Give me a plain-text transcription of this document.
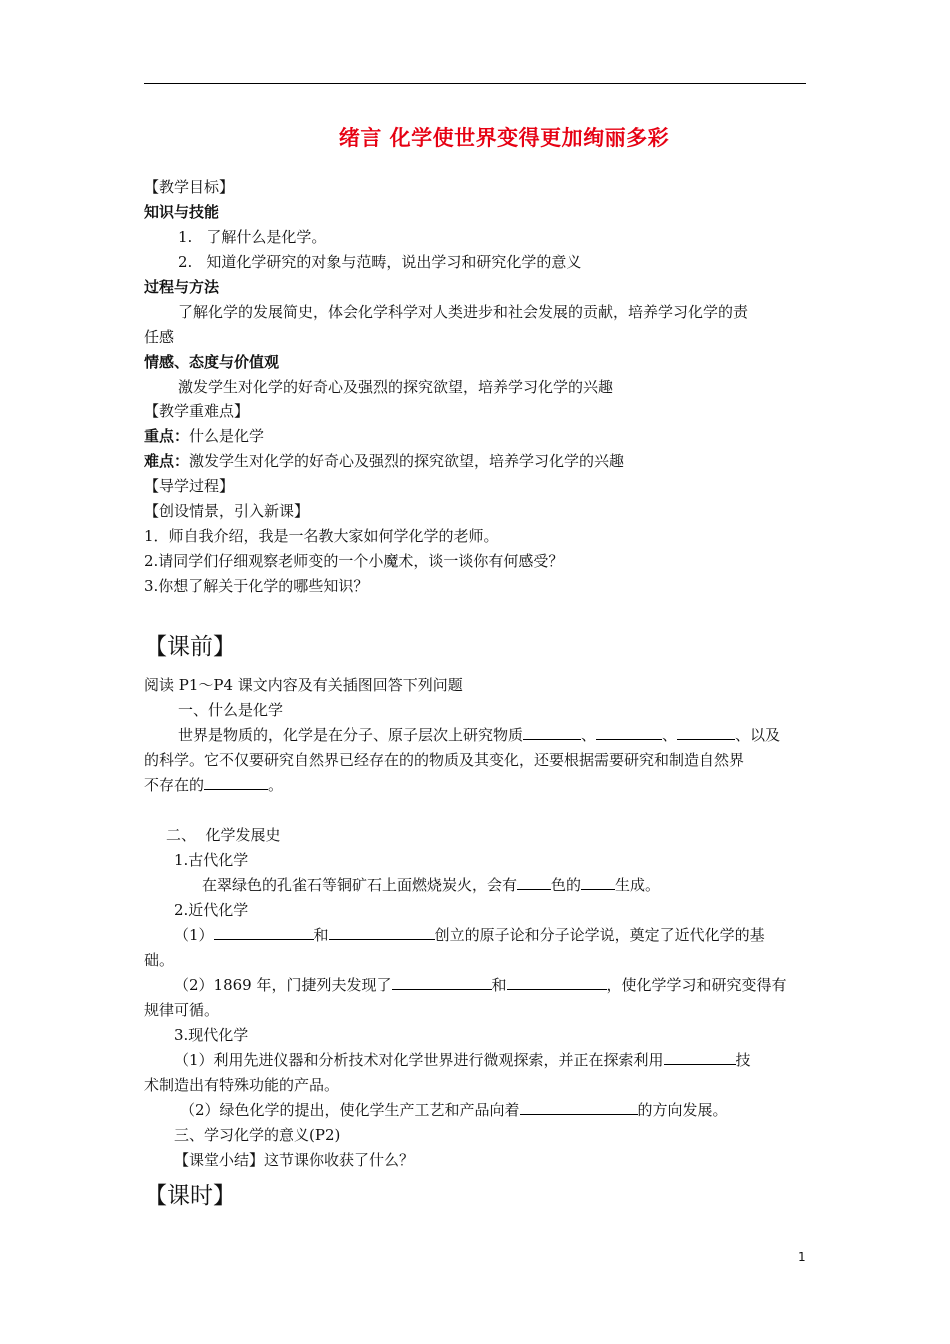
绪言 化学使世界变得更加绚丽多彩
【教学目标】
知识与技能
1. 了解什么是化学。
2. 知道化学研究的对象与范畴，说出学习和研究化学的意义
过程与方法
了解化学的发展简史，体会化学科学对人类进步和社会发展的贡献，培养学习化学的责
任感
情感、态度与价值观
激发学生对化学的好奇心及强烈的探究欲望，培养学习化学的兴趣
【教学重难点】
重点：什么是化学
难点：激发学生对化学的好奇心及强烈的探究欲望，培养学习化学的兴趣
【导学过程】
【创设情景，引入新课】
1．师自我介绍，我是一名教大家如何学化学的老师。
2.请同学们仔细观察老师变的一个小魔术，谈一谈你有何感受？
3.你想了解关于化学的哪些知识？
【课前】
阅读 P1～P4 课文内容及有关插图回答下列问题
一、什么是化学
世界是物质的，化学是在分子、原子层次上研究物质	、	、	、以及
的科学。它不仅要研究自然界已经存在的的物质及其变化，还要根据需要研究和制造自然界
不存在的	。
二、  化学发展史
1.古代化学
在翠绿色的孔雀石等铜矿石上面燃烧炭火，会有 色的 生成。
2.近代化学
（1）	和	创立的原子论和分子论学说，奠定了近代化学的基
础。
（2）1869 年，门捷列夫发现了	和	，使化学学习和研究变得有
规律可循。
3.现代化学
（1）利用先进仪器和分析技术对化学世界进行微观探索，并正在探索利用	技
术制造出有特殊功能的产品。
（2）绿色化学的提出，使化学生产工艺和产品向着	的方向发展。
三、学习化学的意义(P2)
【课堂小结】这节课你收获了什么？
【课时】
1
